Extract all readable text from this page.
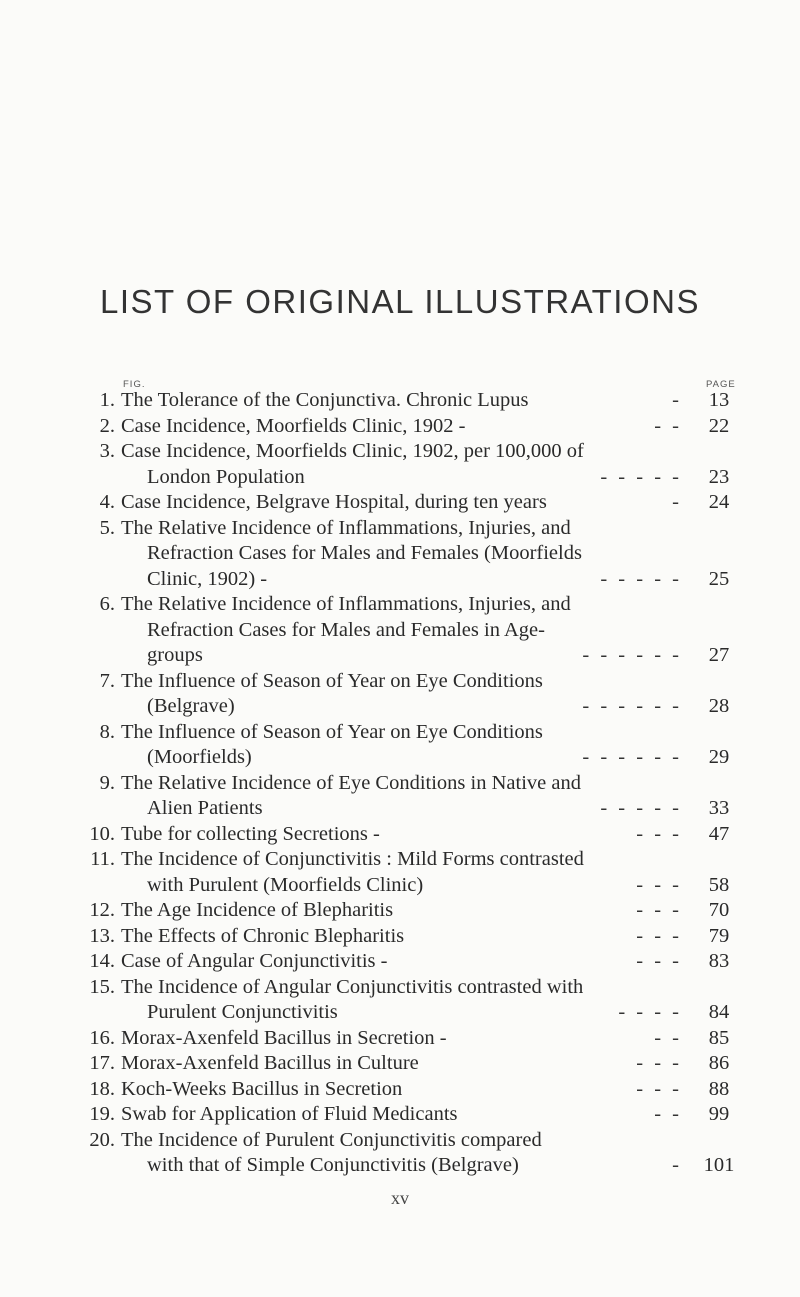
LIST OF ORIGINAL ILLUSTRATIONS
FIG.	PAGE
1. The Tolerance of the Conjunctiva. Chronic Lupus	-	13
2. Case Incidence, Moorfields Clinic, 1902 -	- -	22
3. Case Incidence, Moorfields Clinic, 1902, per 100,000 of
London Population	- - - - -	23
4. Case Incidence, Belgrave Hospital, during ten years	-	24
5. The Relative Incidence of Inflammations, Injuries, and
Refraction Cases for Males and Females (Moorfields
Clinic, 1902) -	- - - - -	25
6. The Relative Incidence of Inflammations, Injuries, and
Refraction Cases for Males and Females in Age-
groups	- - - - - -	27
7. The Influence of Season of Year on Eye Conditions
(Belgrave)	- - - - - -	28
8. The Influence of Season of Year on Eye Conditions
(Moorfields)	- - - - - -	29
9. The Relative Incidence of Eye Conditions in Native and
Alien Patients	- - - - -	33
10. Tube for collecting Secretions -	- - -	47
11. The Incidence of Conjunctivitis : Mild Forms contrasted
with Purulent (Moorfields Clinic)	- - -	58
12. The Age Incidence of Blepharitis	- - -	70
13. The Effects of Chronic Blepharitis	- - -	79
14. Case of Angular Conjunctivitis -	- - -	83
15. The Incidence of Angular Conjunctivitis contrasted with
Purulent Conjunctivitis	- - - -	84
16. Morax-Axenfeld Bacillus in Secretion -	- -	85
17. Morax-Axenfeld Bacillus in Culture	- - -	86
18. Koch-Weeks Bacillus in Secretion	- - -	88
19. Swab for Application of Fluid Medicants	- -	99
20. The Incidence of Purulent Conjunctivitis compared
with that of Simple Conjunctivitis (Belgrave)	-	101
xv
